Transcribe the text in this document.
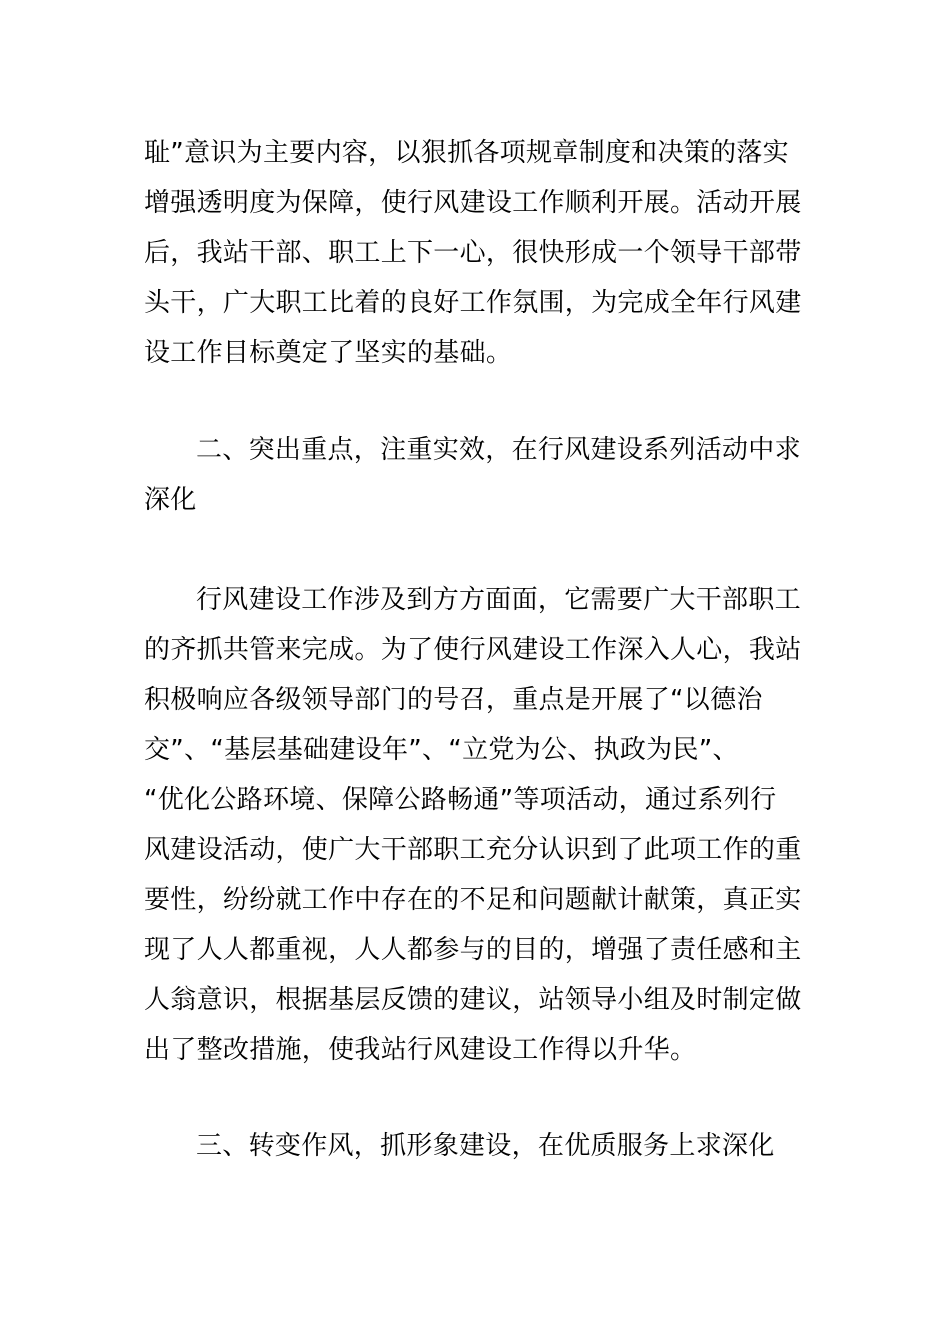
耻”意识为主要内容，以狠抓各项规章制度和决策的落实
增强透明度为保障，使行风建设工作顺利开展。活动开展
后，我站干部、职工上下一心，很快形成一个领导干部带
头干，广大职工比着的良好工作氛围，为完成全年行风建
设工作目标奠定了坚实的基础。
二、突出重点，注重实效，在行风建设系列活动中求
深化
行风建设工作涉及到方方面面，它需要广大干部职工
的齐抓共管来完成。为了使行风建设工作深入人心，我站
积极响应各级领导部门的号召，重点是开展了“以德治
交”、“基层基础建设年”、“立党为公、执政为民”、
“优化公路环境、保障公路畅通”等项活动，通过系列行
风建设活动，使广大干部职工充分认识到了此项工作的重
要性，纷纷就工作中存在的不足和问题献计献策，真正实
现了人人都重视，人人都参与的目的，增强了责任感和主
人翁意识，根据基层反馈的建议，站领导小组及时制定做
出了整改措施，使我站行风建设工作得以升华。
三、转变作风，抓形象建设，在优质服务上求深化
